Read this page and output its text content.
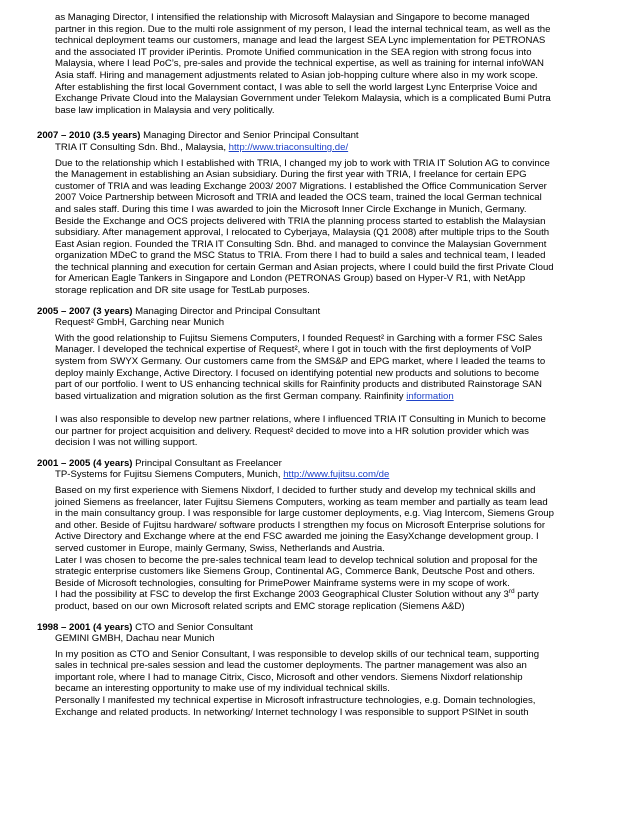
as Managing Director, I intensified the relationship with Microsoft Malaysian and Singapore to become managed
partner in this region. Due to the multi role assignment of my person, I lead the internal technical team, as well as the
technical deployment teams our customers, manage and lead the largest SEA Lync implementation for PETRONAS
and the associated IT provider iPerintis. Promote Unified communication in the SEA region with strong focus into
Malaysia, where I lead PoC’s, pre-sales and provide the technical expertise, as well as training for internal infoWAN
Asia staff. Hiring and management adjustments related to Asian job-hopping culture where also in my work scope.
After establishing the first local Government contact, I was able to sell the world largest Lync Enterprise Voice and
Exchange Private Cloud into the Malaysian Government under Telekom Malaysia, which is a complicated Bumi Putra
base law implication in Malaysia and very politically.
2007 – 2010 (3.5 years) Managing Director and Senior Principal Consultant
TRIA IT Consulting Sdn. Bhd., Malaysia, http://www.triaconsulting.de/

Due to the relationship which I established with TRIA, I changed my job to work with TRIA IT Solution AG to convince

the Management in establishing an Asian subsidiary. During the first year with TRIA, I freelance for certain EPG

customer of TRIA and was leading Exchange 2003/ 2007 Migrations. I established the Office Communication Server

2007 Voice Partnership between Microsoft and TRIA and leaded the OCS team, trained the local German technical

and sales staff. During this time I was awarded to join the Microsoft Inner Circle Exchange in Munich, Germany.

Beside the Exchange and OCS projects delivered with TRIA the planning process started to establish the Malaysian

subsidiary. After management approval, I relocated to Cyberjaya, Malaysia (Q1 2008) after multiple trips to the South

East Asian region. Founded the TRIA IT Consulting Sdn. Bhd. and managed to convince the Malaysian Government

organization MDeC to grand the MSC Status to TRIA. From there I had to build a sales and technical team, I leaded

the technical planning and execution for certain German and Asian projects, where I could build the first Private Cloud

for American Eagle Tankers in Singapore and London (PETRONAS Group) based on Hyper-V R1, with NetApp

storage replication and DR site usage for TestLab purposes.

2005 – 2007 (3 years) Managing Director and Principal Consultant
Request² GmbH, Garching near Munich

With the good relationship to Fujitsu Siemens Computers, I founded Request² in Garching with a former FSC Sales

Manager. I developed the technical expertise of Request², where I got in touch with the first deployments of VoIP

system from SWYX Germany. Our customers came from the SMS&P and EPG market, where I leaded the teams to

deploy mainly Exchange, Active Directory. I focused on identifying potential new products and solutions to become

part of our portfolio. I went to US enhancing technical skills for Rainfinity products and distributed Rainstorage SAN

based virtualization and migration solution as the first German company. Rainfinity information

I was also responsible to develop new partner relations, where I influenced TRIA IT Consulting in Munich to become

our partner for project acquisition and delivery. Request² decided to move into a HR solution provider which was

decision I was not willing support.

2001 – 2005 (4 years) Principal Consultant as Freelancer
TP-Systems for Fujitsu Siemens Computers, Munich, http://www.fujitsu.com/de

Based on my first experience with Siemens Nixdorf, I decided to further study and develop my technical skills and

joined Siemens as freelancer, later Fujitsu Siemens Computers, working as team member and partially as team lead

in the main consultancy group. I was responsible for large customer deployments, e.g. Viag Intercom, Siemens Group

and other. Beside of Fujitsu hardware/ software products I strengthen my focus on Microsoft Enterprise solutions for

Active Directory and Exchange where at the end FSC awarded me joining the EasyXchange development group. I

served customer in Europe, mainly Germany, Swiss, Netherlands and Austria.

Later I was chosen to become the pre-sales technical team lead to develop technical solution and proposal for the

strategic enterprise customers like Siemens Group, Continental AG, Commerce Bank, Deutsche Post and others.

Beside of Microsoft technologies, consulting for PrimePower Mainframe systems were in my scope of work.

I had the possibility at FSC to develop the first Exchange 2003 Geographical Cluster Solution without any 3rd party

product, based on our own Microsoft related scripts and EMC storage replication (Siemens A&D)

1998 – 2001 (4 years) CTO and Senior Consultant
GEMINI GMBH, Dachau near Munich

In my position as CTO and Senior Consultant, I was responsible to develop skills of our technical team, supporting

sales in technical pre-sales session and lead the customer deployments. The partner management was also an

important role, where I had to manage Citrix, Cisco, Microsoft and other vendors. Siemens Nixdorf relationship

became an interesting opportunity to make use of my individual technical skills.

Personally I manifested my technical expertise in Microsoft infrastructure technologies, e.g. Domain technologies,

Exchange and related products. In networking/ Internet technology I was responsible to support PSINet in south
